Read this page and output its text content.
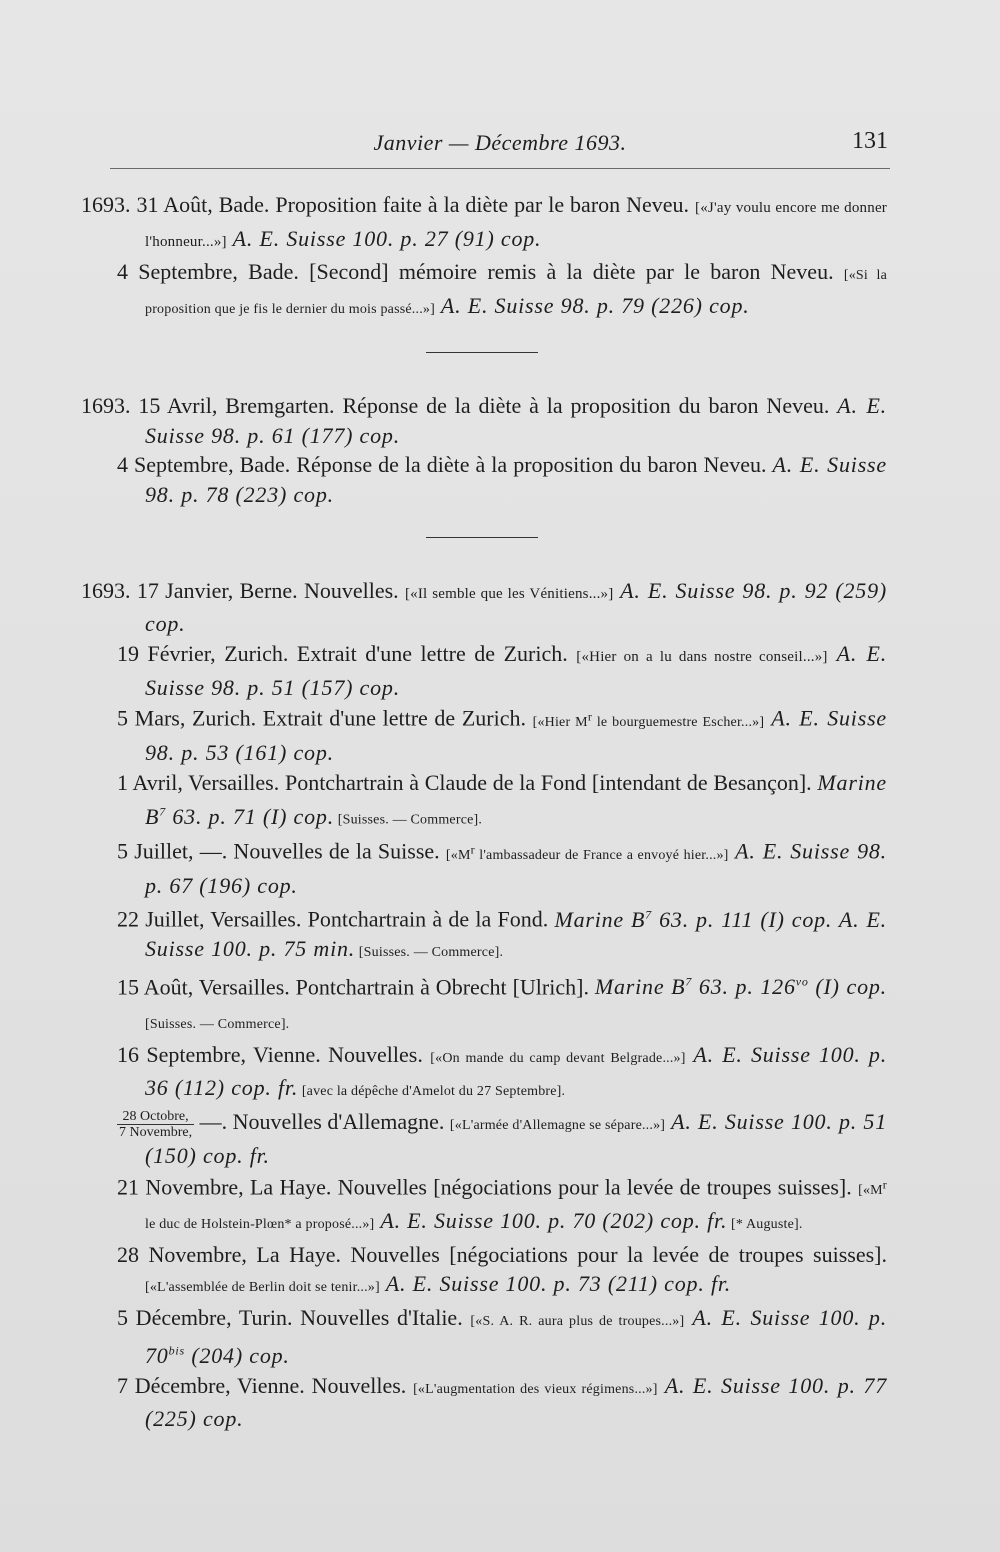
Janvier — Décembre 1693.	131

1693. 31 Août, Bade. Proposition faite à la diète par le baron Neveu. [«J'ay voulu encore me donner l'honneur...»] A. E. Suisse 100. p. 27 (91) cop.

4 Septembre, Bade. [Second] mémoire remis à la diète par le baron Neveu. [«Si la proposition que je fis le dernier du mois passé...»] A. E. Suisse 98. p. 79 (226) cop.

1693. 15 Avril, Bremgarten. Réponse de la diète à la proposition du baron Neveu. A. E. Suisse 98. p. 61 (177) cop.

4 Septembre, Bade. Réponse de la diète à la proposition du baron Neveu. A. E. Suisse 98. p. 78 (223) cop.

1693. 17 Janvier, Berne. Nouvelles. [«Il semble que les Vénitiens...»] A. E. Suisse 98. p. 92 (259) cop.

19 Février, Zurich. Extrait d'une lettre de Zurich. [«Hier on a lu dans nostre conseil...»] A. E. Suisse 98. p. 51 (157) cop.

5 Mars, Zurich. Extrait d'une lettre de Zurich. [«Hier $M^r$ le bourguemestre Escher...»] A. E. Suisse 98. p. 53 (161) cop.

1 Avril, Versailles. Pontchartrain à Claude de la Fond [intendant de Besançon]. Marine $B^7$ 63. p. 71 (I) cop. [Suisses. — Commerce].

5 Juillet, —. Nouvelles de la Suisse. [«$M^r$ l'ambassadeur de France a envoyé hier...»] A. E. Suisse 98. p. 67 (196) cop.

22 Juillet, Versailles. Pontchartrain à de la Fond. Marine $B^7$ 63. p. 111 (I) cop. A. E. Suisse 100. p. 75 min. [Suisses. — Commerce].

15 Août, Versailles. Pontchartrain à Obrecht [Ulrich]. Marine $B^7$ 63. p. $126^{vo}$ (I) cop. [Suisses. — Commerce].

16 Septembre, Vienne. Nouvelles. [«On mande du camp devant Belgrade...»] A. E. Suisse 100. p. 36 (112) cop. fr. [avec la dépêche d'Amelot du 27 Septembre].

$\frac{\text{28 Octobre,}}{\text{7 Novembre,}}$ —. Nouvelles d'Allemagne. [«L'armée d'Allemagne se sépare...»] A. E. Suisse 100. p. 51 (150) cop. fr.

21 Novembre, La Haye. Nouvelles [négociations pour la levée de troupes suisses]. [«$M^r$ le duc de Holstein-Plœn* a proposé...»] A. E. Suisse 100. p. 70 (202) cop. fr. [* Auguste].

28 Novembre, La Haye. Nouvelles [négociations pour la levée de troupes suisses]. [«L'assemblée de Berlin doit se tenir...»] A. E. Suisse 100. p. 73 (211) cop. fr.

5 Décembre, Turin. Nouvelles d'Italie. [«S. A. R. aura plus de troupes...»] A. E. Suisse 100. p. $70^{bis}$ (204) cop.

7 Décembre, Vienne. Nouvelles. [«L'augmentation des vieux régimens...»] A. E. Suisse 100. p. 77 (225) cop.
